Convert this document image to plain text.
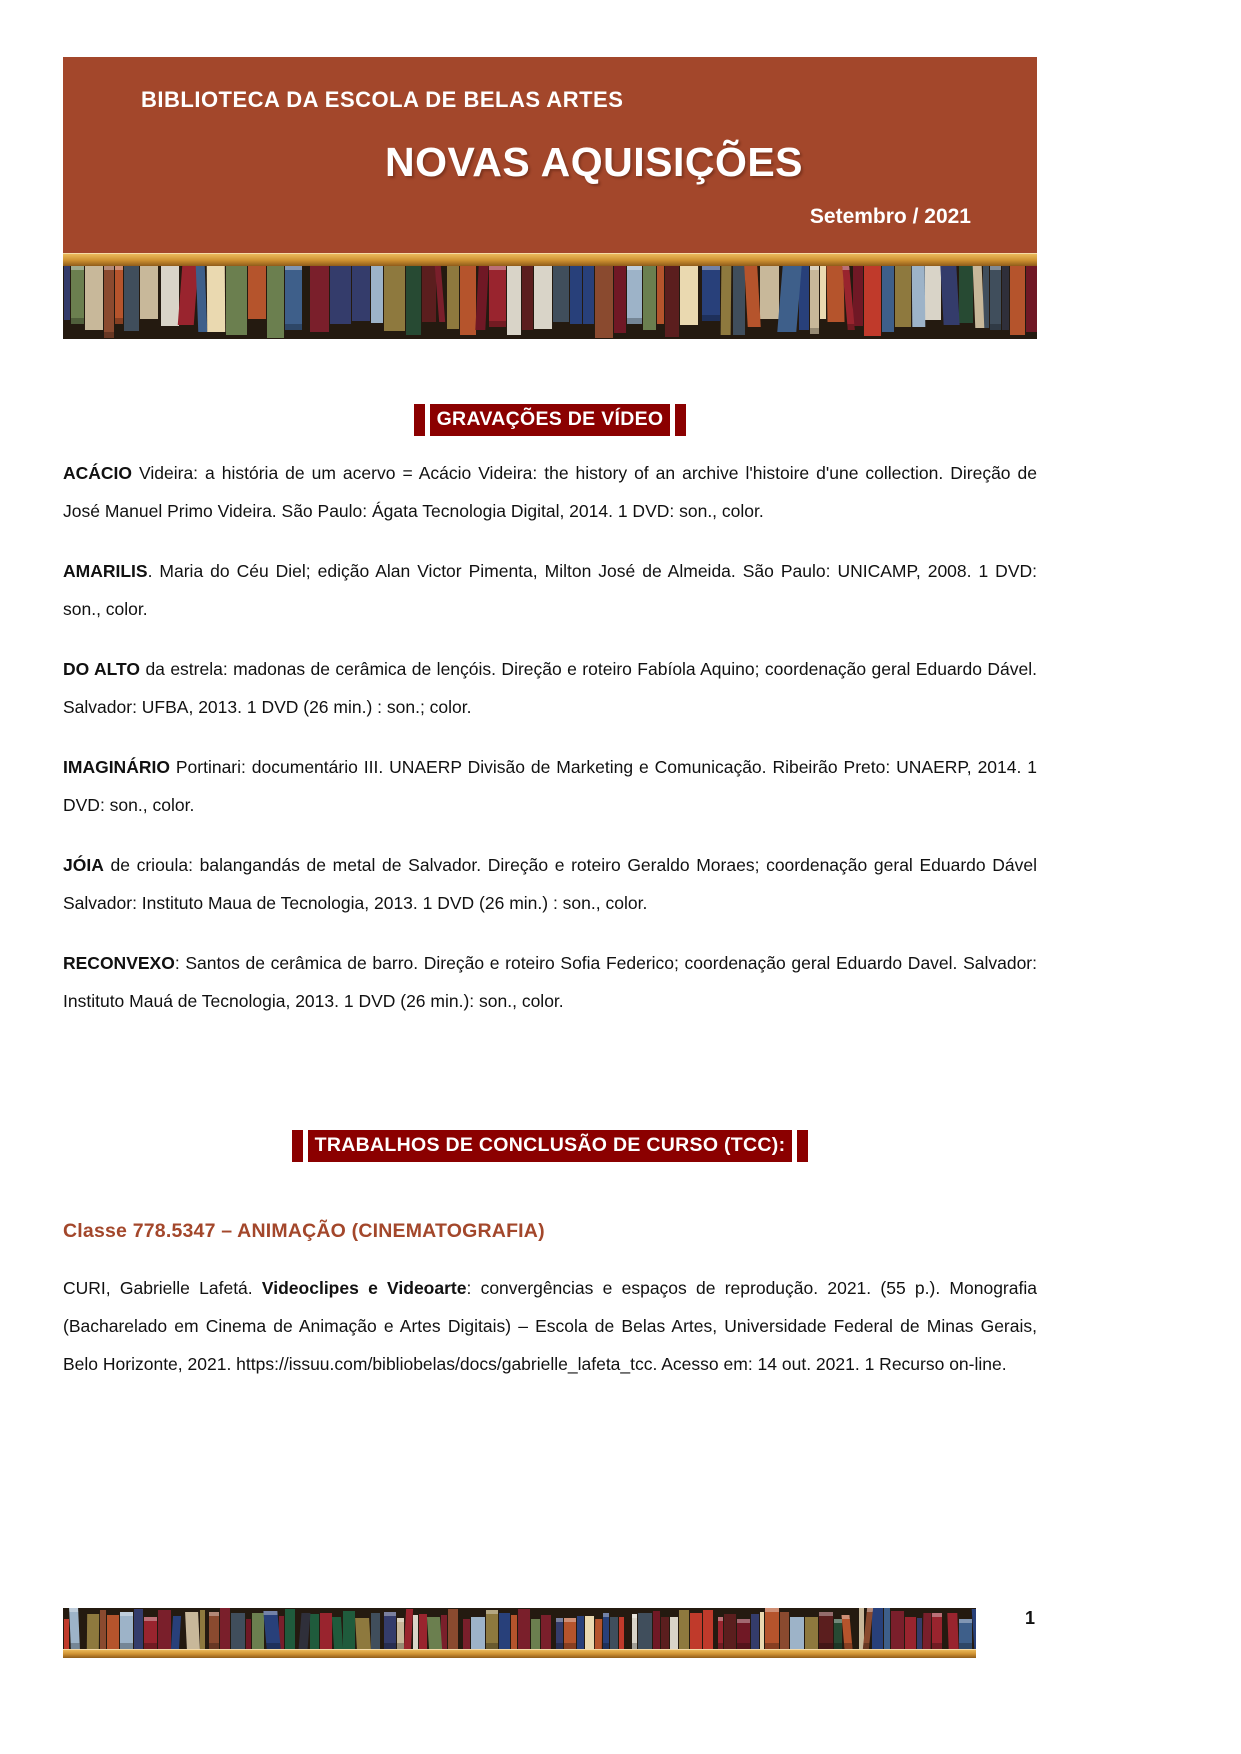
BIBLIOTECA DA ESCOLA DE BELAS ARTES
NOVAS AQUISIÇÕES
Setembro / 2021
GRAVAÇÕES DE VÍDEO

ACÁCIO Videira: a história de um acervo = Acácio Videira: the history of an archive l'histoire d'une collection. Direção de José Manuel Primo Videira. São Paulo: Ágata Tecnologia Digital, 2014. 1 DVD: son., color.

AMARILIS. Maria do Céu Diel; edição Alan Victor Pimenta, Milton José de Almeida. São Paulo: UNICAMP, 2008. 1 DVD: son., color.

DO ALTO da estrela: madonas de cerâmica de lençóis. Direção e roteiro Fabíola Aquino; coordenação geral Eduardo Dável. Salvador: UFBA, 2013. 1 DVD (26 min.) : son.; color.

IMAGINÁRIO Portinari: documentário III. UNAERP Divisão de Marketing e Comunicação. Ribeirão Preto: UNAERP, 2014. 1 DVD: son., color.

JÓIA de crioula: balangandás de metal de Salvador. Direção e roteiro Geraldo Moraes; coordenação geral Eduardo Dável Salvador: Instituto Maua de Tecnologia, 2013. 1 DVD (26 min.) : son., color.

RECONVEXO: Santos de cerâmica de barro. Direção e roteiro Sofia Federico; coordenação geral Eduardo Davel. Salvador: Instituto Mauá de Tecnologia, 2013. 1 DVD (26 min.): son., color.

TRABALHOS DE CONCLUSÃO DE CURSO (TCC):
Classe 778.5347 – ANIMAÇÃO (CINEMATOGRAFIA)

CURI, Gabrielle Lafetá. Videoclipes e Videoarte: convergências e espaços de reprodução. 2021. (55 p.). Monografia (Bacharelado em Cinema de Animação e Artes Digitais) – Escola de Belas Artes, Universidade Federal de Minas Gerais, Belo Horizonte, 2021. https://issuu.com/bibliobelas/docs/gabrielle_lafeta_tcc. Acesso em: 14 out. 2021. 1 Recurso on-line.

1
